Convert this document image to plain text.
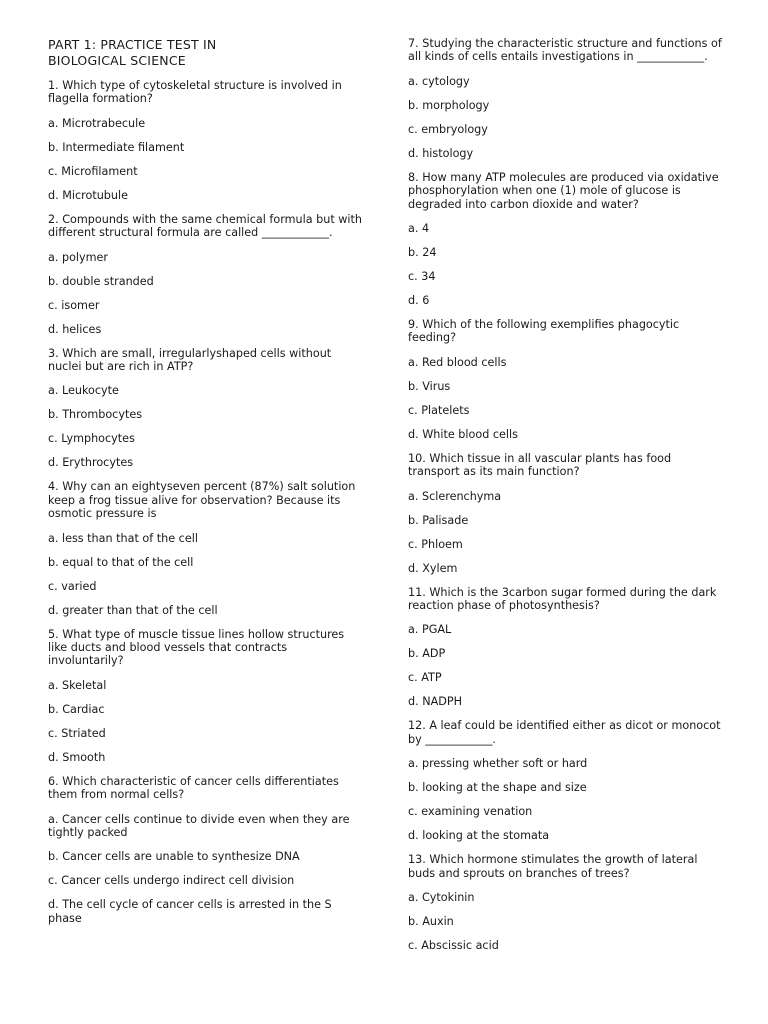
PART 1: PRACTICE TEST IN
BIOLOGICAL SCIENCE
1. Which type of cytoskeletal structure is involved in flagella formation?
a. Microtrabecule
b. Intermediate filament
c. Microfilament
d. Microtubule
2. Compounds with the same chemical formula but with different structural formula are called ____________.
a. polymer
b. double stranded
c. isomer
d. helices
3. Which are small, irregularlyshaped cells without nuclei but are rich in ATP?
a. Leukocyte
b. Thrombocytes
c. Lymphocytes
d. Erythrocytes
4. Why can an eightyseven percent (87%) salt solution keep a frog tissue alive for observation? Because its osmotic pressure is
a. less than that of the cell
b. equal to that of the cell
c. varied
d. greater than that of the cell
5. What type of muscle tissue lines hollow structures like ducts and blood vessels that contracts involuntarily?
a. Skeletal
b. Cardiac
c. Striated
d. Smooth
6. Which characteristic of cancer cells differentiates them from normal cells?
a. Cancer cells continue to divide even when they are tightly packed
b. Cancer cells are unable to synthesize DNA
c. Cancer cells undergo indirect cell division
d. The cell cycle of cancer cells is arrested in the S phase
7. Studying the characteristic structure and functions of all kinds of cells entails investigations in ____________.
a. cytology
b. morphology
c. embryology
d. histology
8. How many ATP molecules are produced via oxidative phosphorylation when one (1) mole of glucose is degraded into carbon dioxide and water?
a. 4
b. 24
c. 34
d. 6
9. Which of the following exemplifies phagocytic feeding?
a. Red blood cells
b. Virus
c. Platelets
d. White blood cells
10. Which tissue in all vascular plants has food transport as its main function?
a. Sclerenchyma
b. Palisade
c. Phloem
d. Xylem
11. Which is the 3carbon sugar formed during the dark reaction phase of photosynthesis?
a. PGAL
b. ADP
c. ATP
d. NADPH
12. A leaf could be identified either as dicot or monocot by ____________.
a. pressing whether soft or hard
b. looking at the shape and size
c. examining venation
d. looking at the stomata
13. Which hormone stimulates the growth of lateral buds and sprouts on branches of trees?
a. Cytokinin
b. Auxin
c. Abscissic acid
